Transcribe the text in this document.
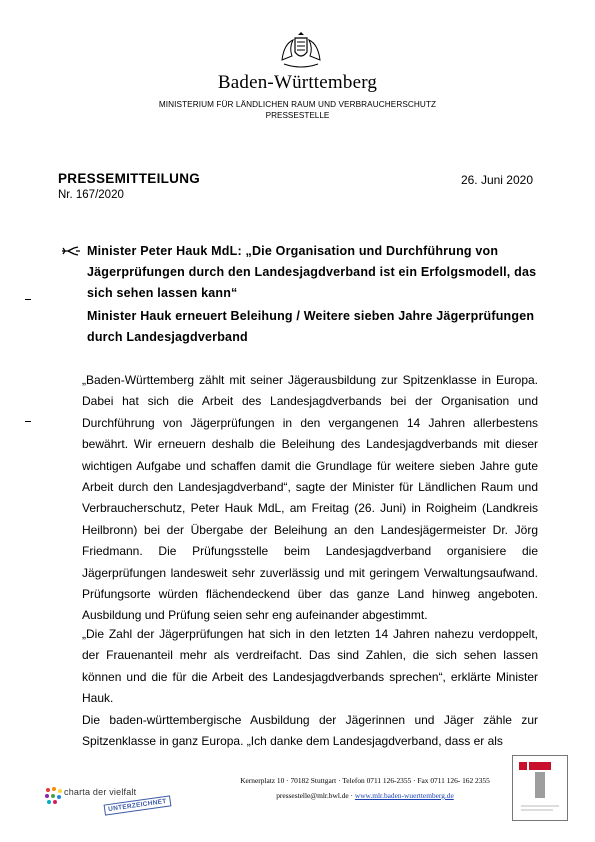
Baden-Württemberg
MINISTERIUM FÜR LÄNDLICHEN RAUM UND VERBRAUCHERSCHUTZ
PRESSESTELLE
PRESSEMITTEILUNG	26. Juni 2020
Nr. 167/2020
Minister Peter Hauk MdL: „Die Organisation und Durchführung von Jägerprüfungen durch den Landesjagdverband ist ein Erfolgsmodell, das sich sehen lassen kann“
Minister Hauk erneuert Beleihung / Weitere sieben Jahre Jägerprüfungen durch Landesjagdverband
„Baden-Württemberg zählt mit seiner Jägerausbildung zur Spitzenklasse in Europa. Dabei hat sich die Arbeit des Landesjagdverbands bei der Organisation und Durchführung von Jägerprüfungen in den vergangenen 14 Jahren allerbestens bewährt. Wir erneuern deshalb die Beleihung des Landesjagdverbands mit dieser wichtigen Aufgabe und schaffen damit die Grundlage für weitere sieben Jahre gute Arbeit durch den Landesjagdverband“, sagte der Minister für Ländlichen Raum und Verbraucherschutz, Peter Hauk MdL, am Freitag (26. Juni) in Roigheim (Landkreis Heilbronn) bei der Übergabe der Beleihung an den Landesjägermeister Dr. Jörg Friedmann. Die Prüfungsstelle beim Landesjagdverband organisiere die Jägerprüfungen landesweit sehr zuverlässig und mit geringem Verwaltungsaufwand. Prüfungsorte würden flächendeckend über das ganze Land hinweg angeboten. Ausbildung und Prüfung seien sehr eng aufeinander abgestimmt.
„Die Zahl der Jägerprüfungen hat sich in den letzten 14 Jahren nahezu verdoppelt, der Frauenanteil mehr als verdreifacht. Das sind Zahlen, die sich sehen lassen können und die für die Arbeit des Landesjagdverbands sprechen“, erklärte Minister Hauk.
Die baden-württembergische Ausbildung der Jägerinnen und Jäger zähle zur Spitzenklasse in ganz Europa. „Ich danke dem Landesjagdverband, dass er als
Kernerplatz 10 · 70182 Stuttgart · Telefon 0711 126-2355 · Fax 0711 126- 162 2355
pressestelle@mlr.bwl.de · www.mlr.baden-wuerttemberg.de
charta der vielfalt
UNTERZEICHNET
